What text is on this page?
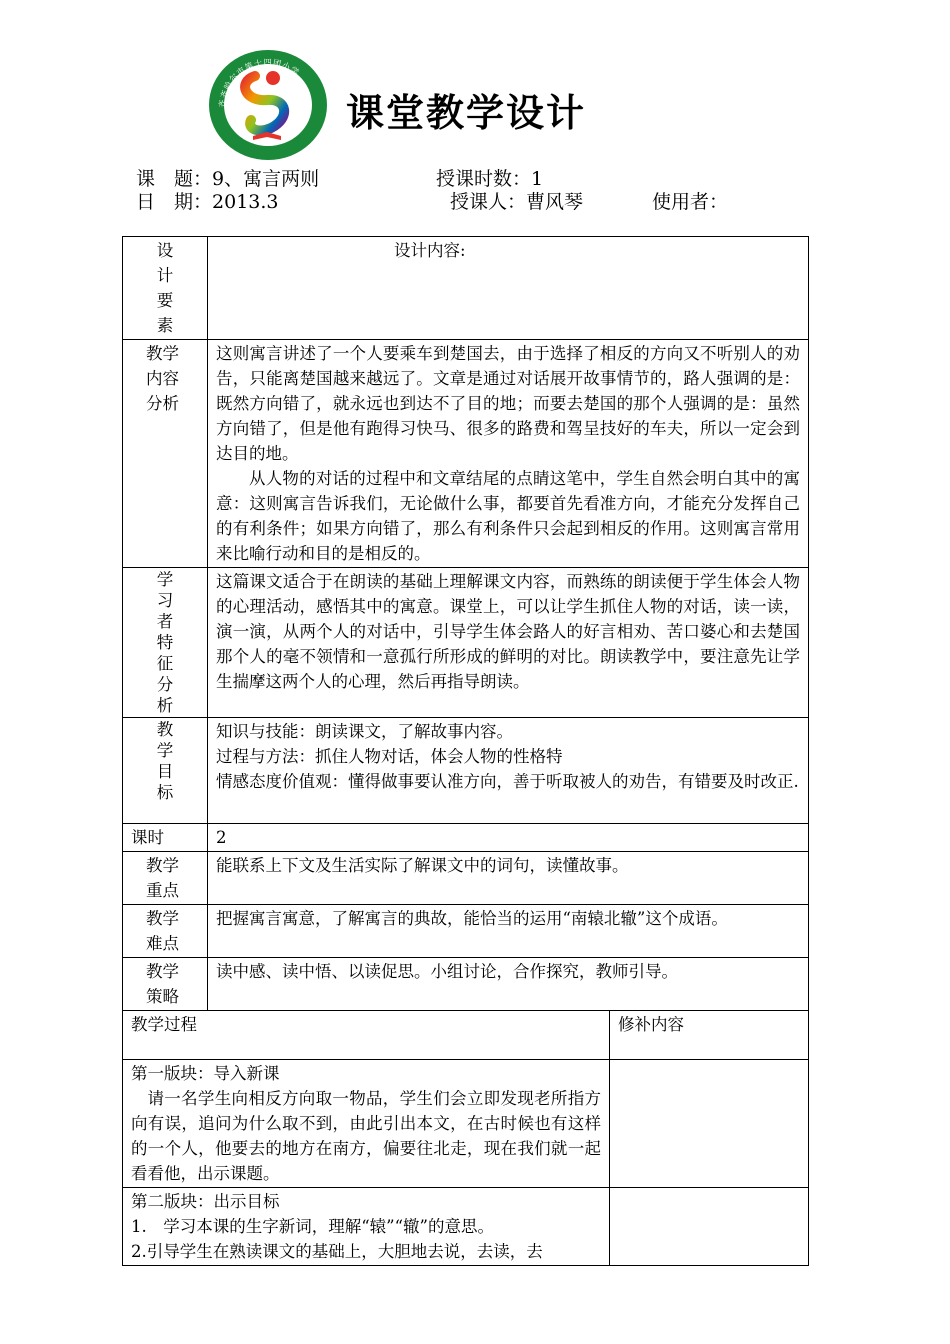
齐齐哈尔市第十四团小学
课堂教学设计
课　题：9、寓言两则	授课时数：1
日　期：2013.3	授课人：曹风琴	使用者：
设计要素	设计内容:	
教学内容分析	这则寓言讲述了一个人要乘车到楚国去，由于选择了相反的方向又不听别人的劝告，只能离楚国越来越远了。文章是通过对话展开故事情节的，路人强调的是：既然方向错了，就永远也到达不了目的地；而要去楚国的那个人强调的是：虽然方向错了，但是他有跑得习快马、很多的路费和驾呈技好的车夫，所以一定会到达目的地。

从人物的对话的过程中和文章结尾的点睛这笔中，学生自然会明白其中的寓意：这则寓言告诉我们，无论做什么事，都要首先看准方向，才能充分发挥自己的有利条件；如果方向错了，那么有利条件只会起到相反的作用。这则寓言常用来比喻行动和目的是相反的。	

学习者特征分析	这篇课文适合于在朗读的基础上理解课文内容，而熟练的朗读便于学生体会人物的心理活动，感悟其中的寓意。课堂上，可以让学生抓住人物的对话，读一读，演一演，从两个人的对话中，引导学生体会路人的好言相劝、苦口婆心和去楚国那个人的毫不领情和一意孤行所形成的鲜明的对比。朗读教学中，要注意先让学生揣摩这两个人的心理，然后再指导朗读。	

教学目标	知识与技能：朗读课文，了解故事内容。

过程与方法：抓住人物对话，体会人物的性格特

情感态度价值观：懂得做事要认准方向，善于听取被人的劝告，有错要及时改正.	

课时	2	
教学重点	能联系上下文及生活实际了解课文中的词句，读懂故事。	

教学难点	把握寓言寓意，了解寓言的典故，能恰当的运用“南辕北辙”这个成语。	

教学策略	读中感、读中悟、以读促思。小组讨论，合作探究，教师引导。	

教学过程		修补内容

第一版块：导入新课

请一名学生向相反方向取一物品，学生们会立即发现老所指方向有误，追问为什么取不到，由此引出本文，在古时候也有这样的一个人，他要去的地方在南方，偏要往北走，现在我们就一起看看他，出示课题。		

第二版块：出示目标

1.　学习本课的生字新词，理解“辕”“辙”的意思。

2.引导学生在熟读课文的基础上，大胆地去说，去读，去		
